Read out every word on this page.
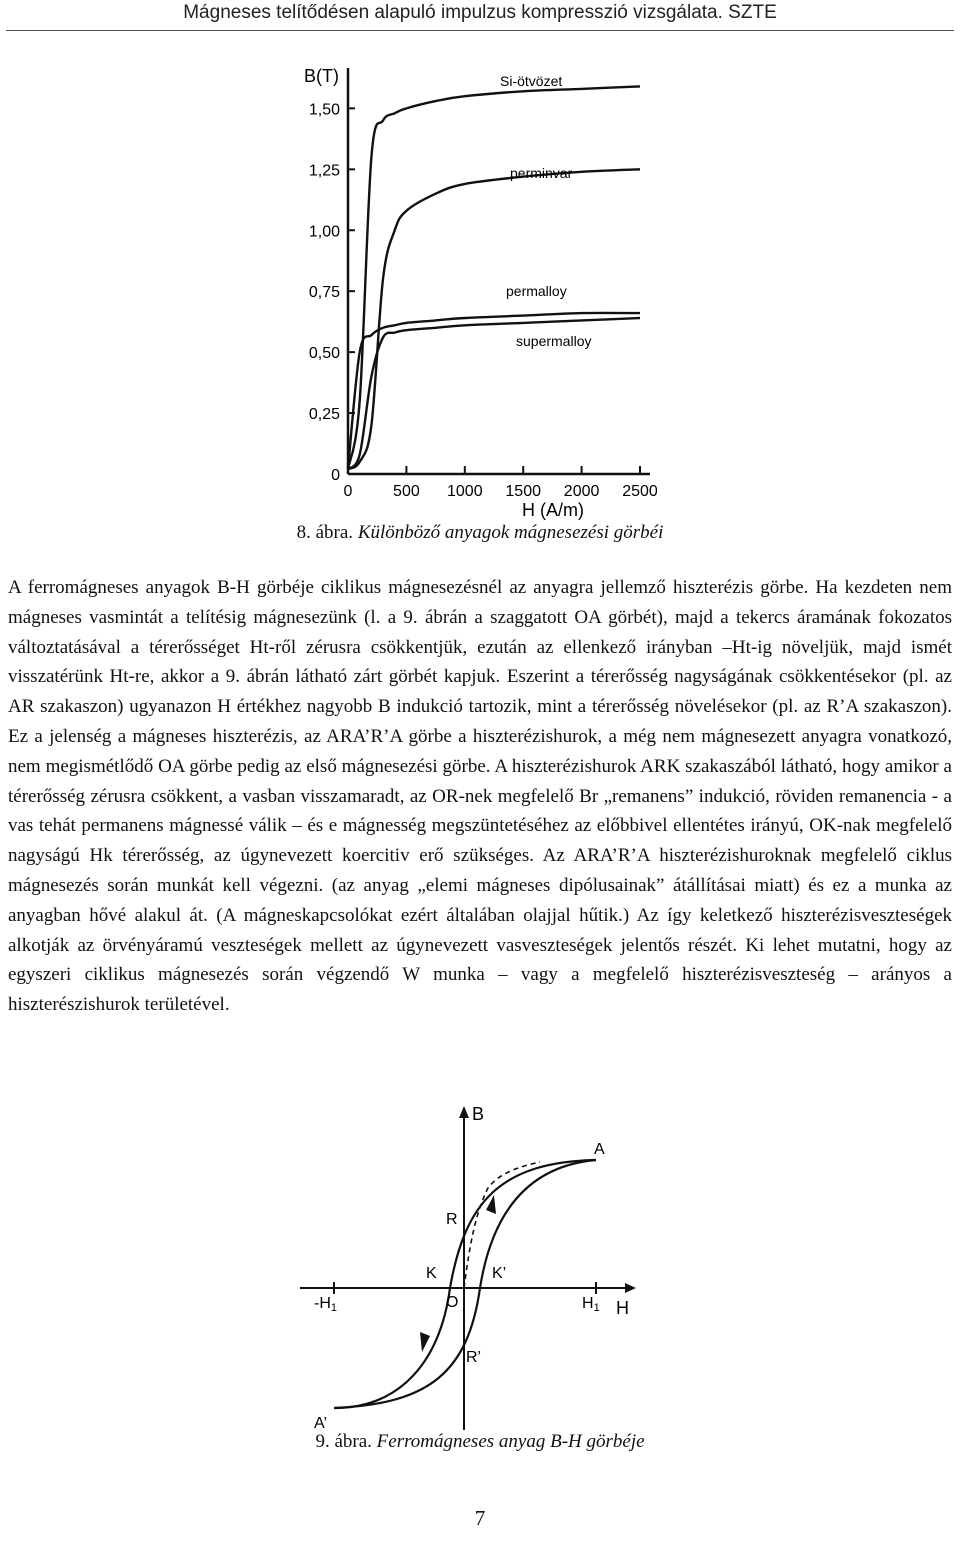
Mágneses telítődésen alapuló impulzus kompresszió vizsgálata. SZTE
0
0,25
0,50
0,75
1,00
1,25
1,50
0	500 1000 1500 2000 2500
B(T)
H (A/m)
Si-ötvözet
perminvar
permalloy
supermalloy
8. ábra. Különböző anyagok mágnesezési görbéi

A ferromágneses anyagok B-H görbéje ciklikus mágnesezésnél az anyagra jellemző hiszterézis görbe. Ha kezdeten nem mágneses vasmintát a telítésig mágnesezünk (l. a 9. ábrán a szaggatott OA görbét), majd a tekercs áramának fokozatos változtatásával a térerősséget Ht-ről zérusra csökkentjük, ezután az ellenkező irányban –Ht-ig növeljük, majd ismét visszatérünk Ht-re, akkor a 9. ábrán látható zárt görbét kapjuk. Eszerint a térerősség nagyságának csökkentésekor (pl. az AR szakaszon) ugyanazon H értékhez nagyobb B indukció tartozik, mint a térerősség növelésekor (pl. az R’A szakaszon). Ez a jelenség a mágneses hiszterézis, az ARA’R’A görbe a hiszterézishurok, a még nem mágnesezett anyagra vonatkozó, nem megismétlődő OA görbe pedig az első mágnesezési görbe. A hiszterézishurok ARK szakaszából látható, hogy amikor a térerősség zérusra csökkent, a vasban visszamaradt, az OR-nek megfelelő Br „remanens” indukció, röviden remanencia - a vas tehát permanens mágnessé válik – és e mágnesség megszüntetéséhez az előbbivel ellentétes irányú, OK-nak megfelelő nagyságú Hk térerősség, az úgynevezett koercitiv erő szükséges. Az ARA’R’A hiszterézishuroknak megfelelő ciklus mágnesezés során munkát kell végezni. (az anyag „elemi mágneses dipólusainak” átállításai miatt) és ez a munka az anyagban hővé alakul át. (A mágneskapcsolókat ezért általában olajjal hűtik.) Az így keletkező hiszterézisveszteségek alkotják az örvényáramú veszteségek mellett az úgynevezett vasveszteségek jelentős részét. Ki lehet mutatni, hogy az egyszeri ciklikus mágnesezés során végzendő W munka – vagy a megfelelő hiszterézisveszteség – arányos a hiszterészishurok területével.

B
H
A
A’
R
R’
K	K’
O	H1
-H1
9. ábra. Ferromágneses anyag B-H görbéje
7
